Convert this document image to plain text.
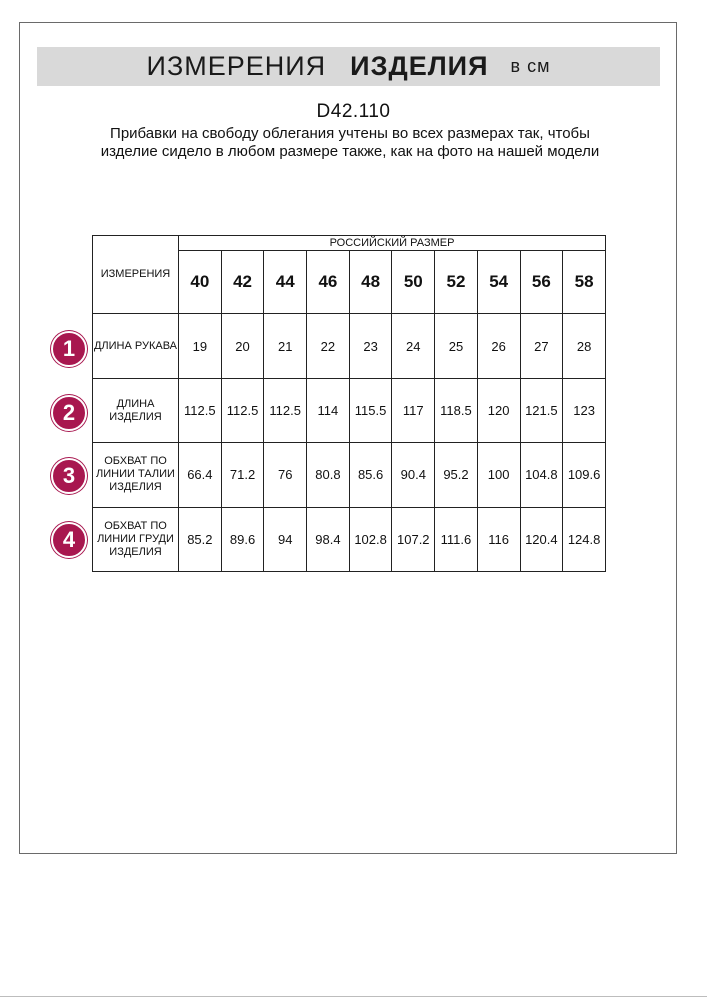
ИЗМЕРЕНИЯ ИЗДЕЛИЯ в см
D42.110
Прибавки на свободу облегания учтены во всех размерах так, чтобы изделие сидело в любом размере также, как на фото на нашей модели
ИЗМЕРЕНИЯ	РОССИЙСКИЙ РАЗМЕР									
	40	42	44	46	48	50	52	54	56	58
ДЛИНА РУКАВА	19	20	21	22	23	24	25	26	27	28
ДЛИНА ИЗДЕЛИЯ	112.5	112.5	112.5	114	115.5	117	118.5	120	121.5	123
ОБХВАТ ПО ЛИНИИ ТАЛИИ ИЗДЕЛИЯ	66.4	71.2	76	80.8	85.6	90.4	95.2	100	104.8	109.6
ОБХВАТ ПО ЛИНИИ ГРУДИ ИЗДЕЛИЯ	85.2	89.6	94	98.4	102.8	107.2	111.6	116	120.4	124.8
1
2
3
4
